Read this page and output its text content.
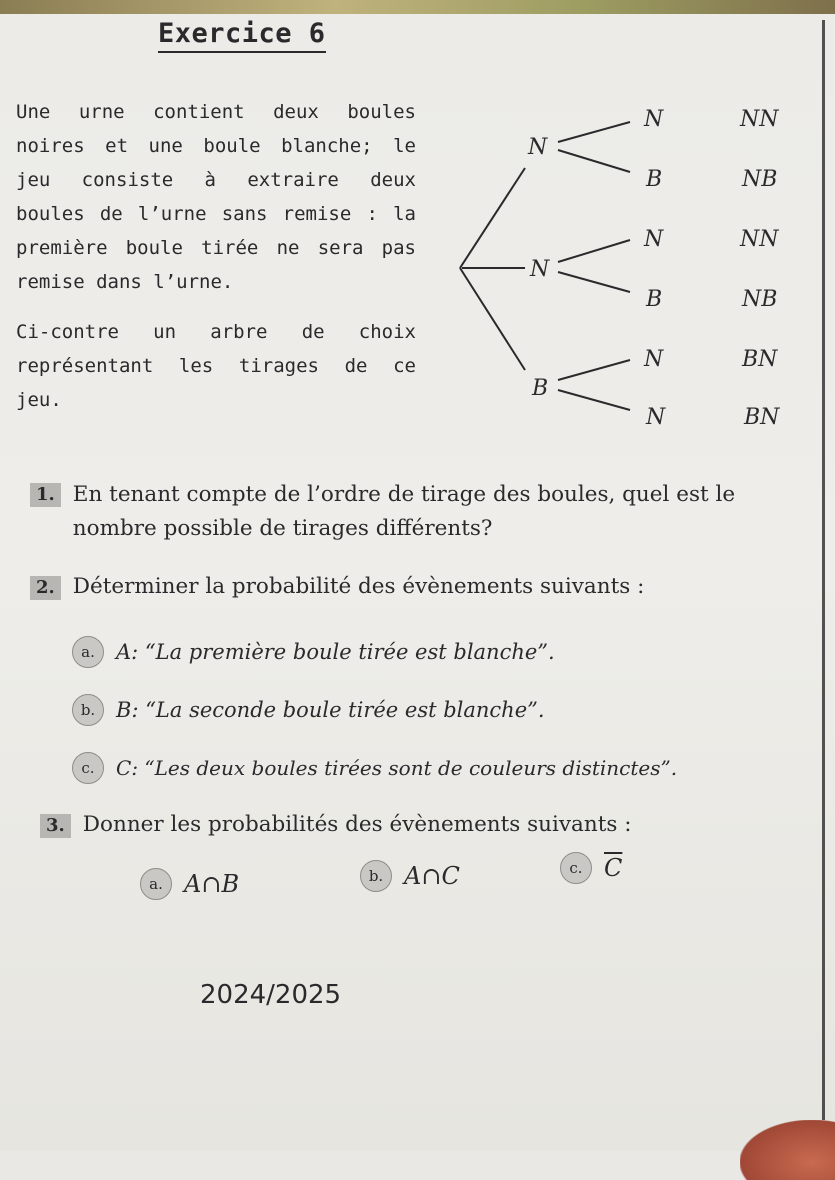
Exercice 6

Une urne contient deux boules noires et une boule blanche; le jeu consiste à extraire deux boules de l’urne sans remise : la première boule tirée ne sera pas remise dans l’urne.

Ci-contre un arbre de choix représentant les tirages de ce jeu.

N
N
B
N
B
N
B
N
N
NN
NB
NN
NB
BN
BN
1. En tenant compte de l’ordre de tirage des boules, quel est le nombre possible de tirages différents?
2. Déterminer la probabilité des évènements suivants :
a.	A : “La première boule tirée est blanche”.
b. B : “La seconde boule tirée est blanche”.
c.	C : “Les deux boules tirées sont de couleurs distinctes”.
3. Donner les probabilités des évènements suivants :
a. A∩B	b. A∩C	c. $\overline{C}$
2024/2025
